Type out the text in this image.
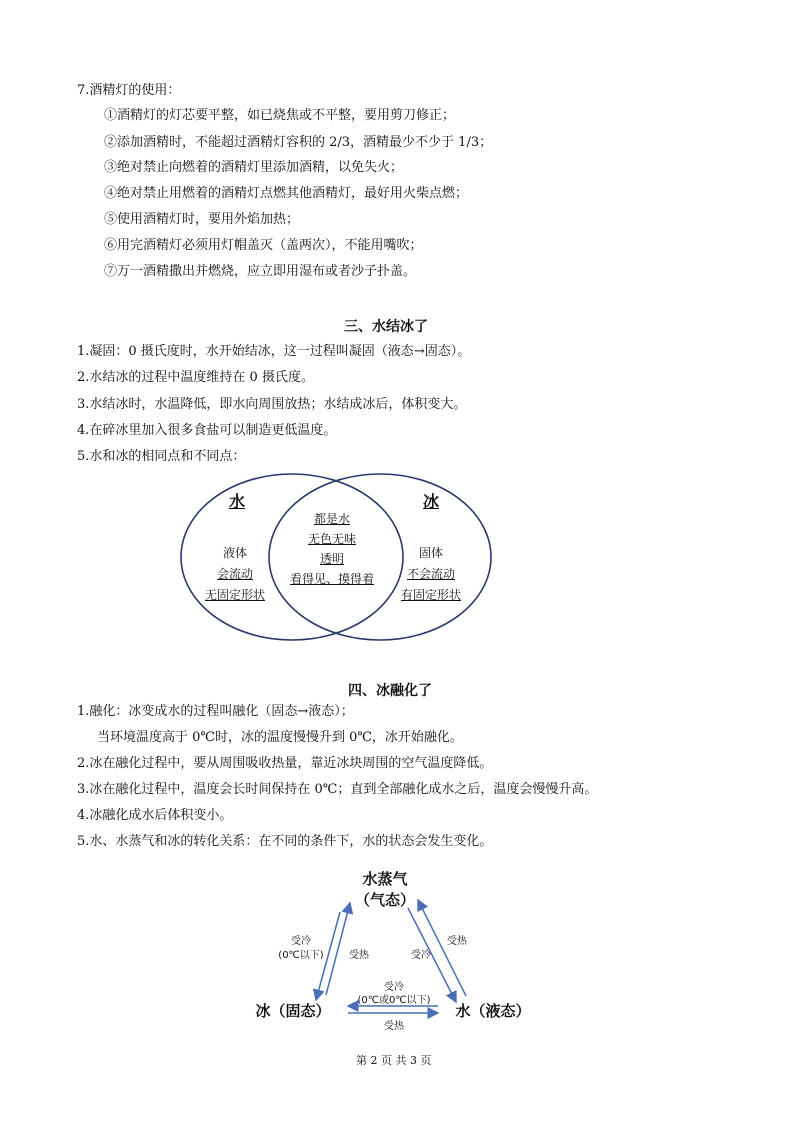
7.酒精灯的使用：
①酒精灯的灯芯要平整，如已烧焦或不平整，要用剪刀修正；
②添加酒精时，不能超过酒精灯容积的 2/3，酒精最少不少于 1/3；
③绝对禁止向燃着的酒精灯里添加酒精，以免失火；
④绝对禁止用燃着的酒精灯点燃其他酒精灯，最好用火柴点燃；
⑤使用酒精灯时，要用外焰加热；
⑥用完酒精灯必须用灯帽盖灭（盖两次），不能用嘴吹；
⑦万一酒精撒出并燃烧，应立即用湿布或者沙子扑盖。
三、水结冰了
1.凝固：0 摄氏度时，水开始结冰，这一过程叫凝固（液态→固态）。
2.水结冰的过程中温度维持在 0 摄氏度。
3.水结冰时，水温降低，即水向周围放热；水结成冰后，体积变大。
4.在碎冰里加入很多食盐可以制造更低温度。
5.水和冰的相同点和不同点：
水	冰
液体
会流动
无固定形状
都是水
无色无味
透明
看得见、摸得着
固体
不会流动
有固定形状
四、冰融化了
1.融化：冰变成水的过程叫融化（固态→液态）；
当环境温度高于 0℃时，冰的温度慢慢升到 0℃，冰开始融化。
2.冰在融化过程中，要从周围吸收热量，靠近冰块周围的空气温度降低。
3.冰在融化过程中，温度会长时间保持在 0℃；直到全部融化成水之后，温度会慢慢升高。
4.冰融化成水后体积变小。
5.水、水蒸气和冰的转化关系：在不同的条件下，水的状态会发生变化。
水蒸气
（气态）
冰（固态）	水（液态）
受冷
(0℃以下)	受热	受冷
受热
受冷
(0℃或0℃以下)
受热
第 2 页 共 3 页
